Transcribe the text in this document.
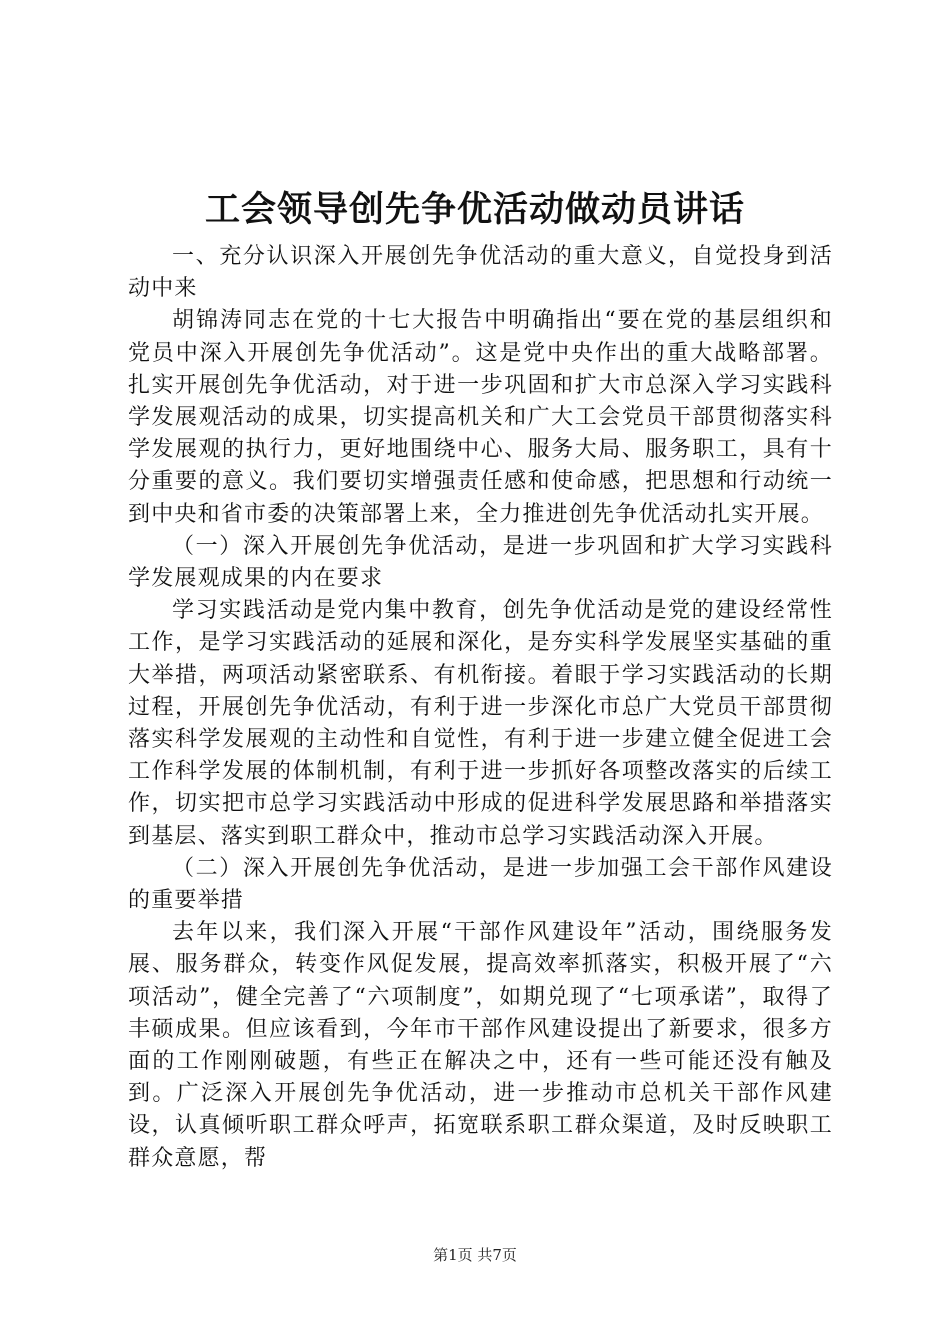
工会领导创先争优活动做动员讲话

一、充分认识深入开展创先争优活动的重大意义，自觉投身到活动中来

胡锦涛同志在党的十七大报告中明确指出“要在党的基层组织和党员中深入开展创先争优活动”。这是党中央作出的重大战略部署。扎实开展创先争优活动，对于进一步巩固和扩大市总深入学习实践科学发展观活动的成果，切实提高机关和广大工会党员干部贯彻落实科学发展观的执行力，更好地围绕中心、服务大局、服务职工，具有十分重要的意义。我们要切实增强责任感和使命感，把思想和行动统一到中央和省市委的决策部署上来，全力推进创先争优活动扎实开展。

（一）深入开展创先争优活动，是进一步巩固和扩大学习实践科学发展观成果的内在要求

学习实践活动是党内集中教育，创先争优活动是党的建设经常性工作，是学习实践活动的延展和深化，是夯实科学发展坚实基础的重大举措，两项活动紧密联系、有机衔接。着眼于学习实践活动的长期过程，开展创先争优活动，有利于进一步深化市总广大党员干部贯彻落实科学发展观的主动性和自觉性，有利于进一步建立健全促进工会工作科学发展的体制机制，有利于进一步抓好各项整改落实的后续工作，切实把市总学习实践活动中形成的促进科学发展思路和举措落实到基层、落实到职工群众中，推动市总学习实践活动深入开展。

（二）深入开展创先争优活动，是进一步加强工会干部作风建设的重要举措

去年以来，我们深入开展“干部作风建设年”活动，围绕服务发展、服务群众，转变作风促发展，提高效率抓落实，积极开展了“六项活动”，健全完善了“六项制度”，如期兑现了“七项承诺”，取得了丰硕成果。但应该看到，今年市干部作风建设提出了新要求，很多方面的工作刚刚破题，有些正在解决之中，还有一些可能还没有触及到。广泛深入开展创先争优活动，进一步推动市总机关干部作风建设，认真倾听职工群众呼声，拓宽联系职工群众渠道，及时反映职工群众意愿，帮

第1页 共7页
